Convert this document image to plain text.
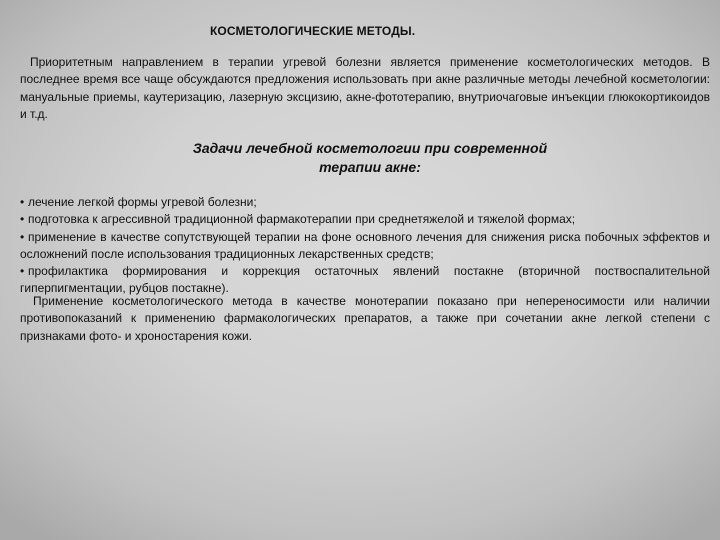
КОСМЕТОЛОГИЧЕСКИЕ МЕТОДЫ.

Приоритетным направлением в терапии угревой болезни является применение косметологических методов. В последнее время все чаще обсуждаются предложения использовать при акне различные методы лечебной косметологии: мануальные приемы, каутеризацию, лазерную эксцизию, акне-фототерапию, внутриочаговые инъекции глюкокортикоидов и т.д.

Задачи лечебной косметологии при современной
терапии акне:
• лечение легкой формы угревой болезни;
• подготовка к агрессивной традиционной фармакотерапии при среднетяжелой и тяжелой формах;
• применение в качестве сопутствующей терапии на фоне основного лечения для снижения риска побочных эффектов и осложнений после использования традиционных лекарственных средств;
• профилактика формирования и коррекция остаточных явлений постакне (вторичной поствоспалительной гиперпигментации, рубцов постакне).

Применение косметологического метода в качестве монотерапии показано при непереносимости или наличии противопоказаний к применению фармакологических препаратов, а также при сочетании акне легкой степени с признаками фото- и хроностарения кожи.
